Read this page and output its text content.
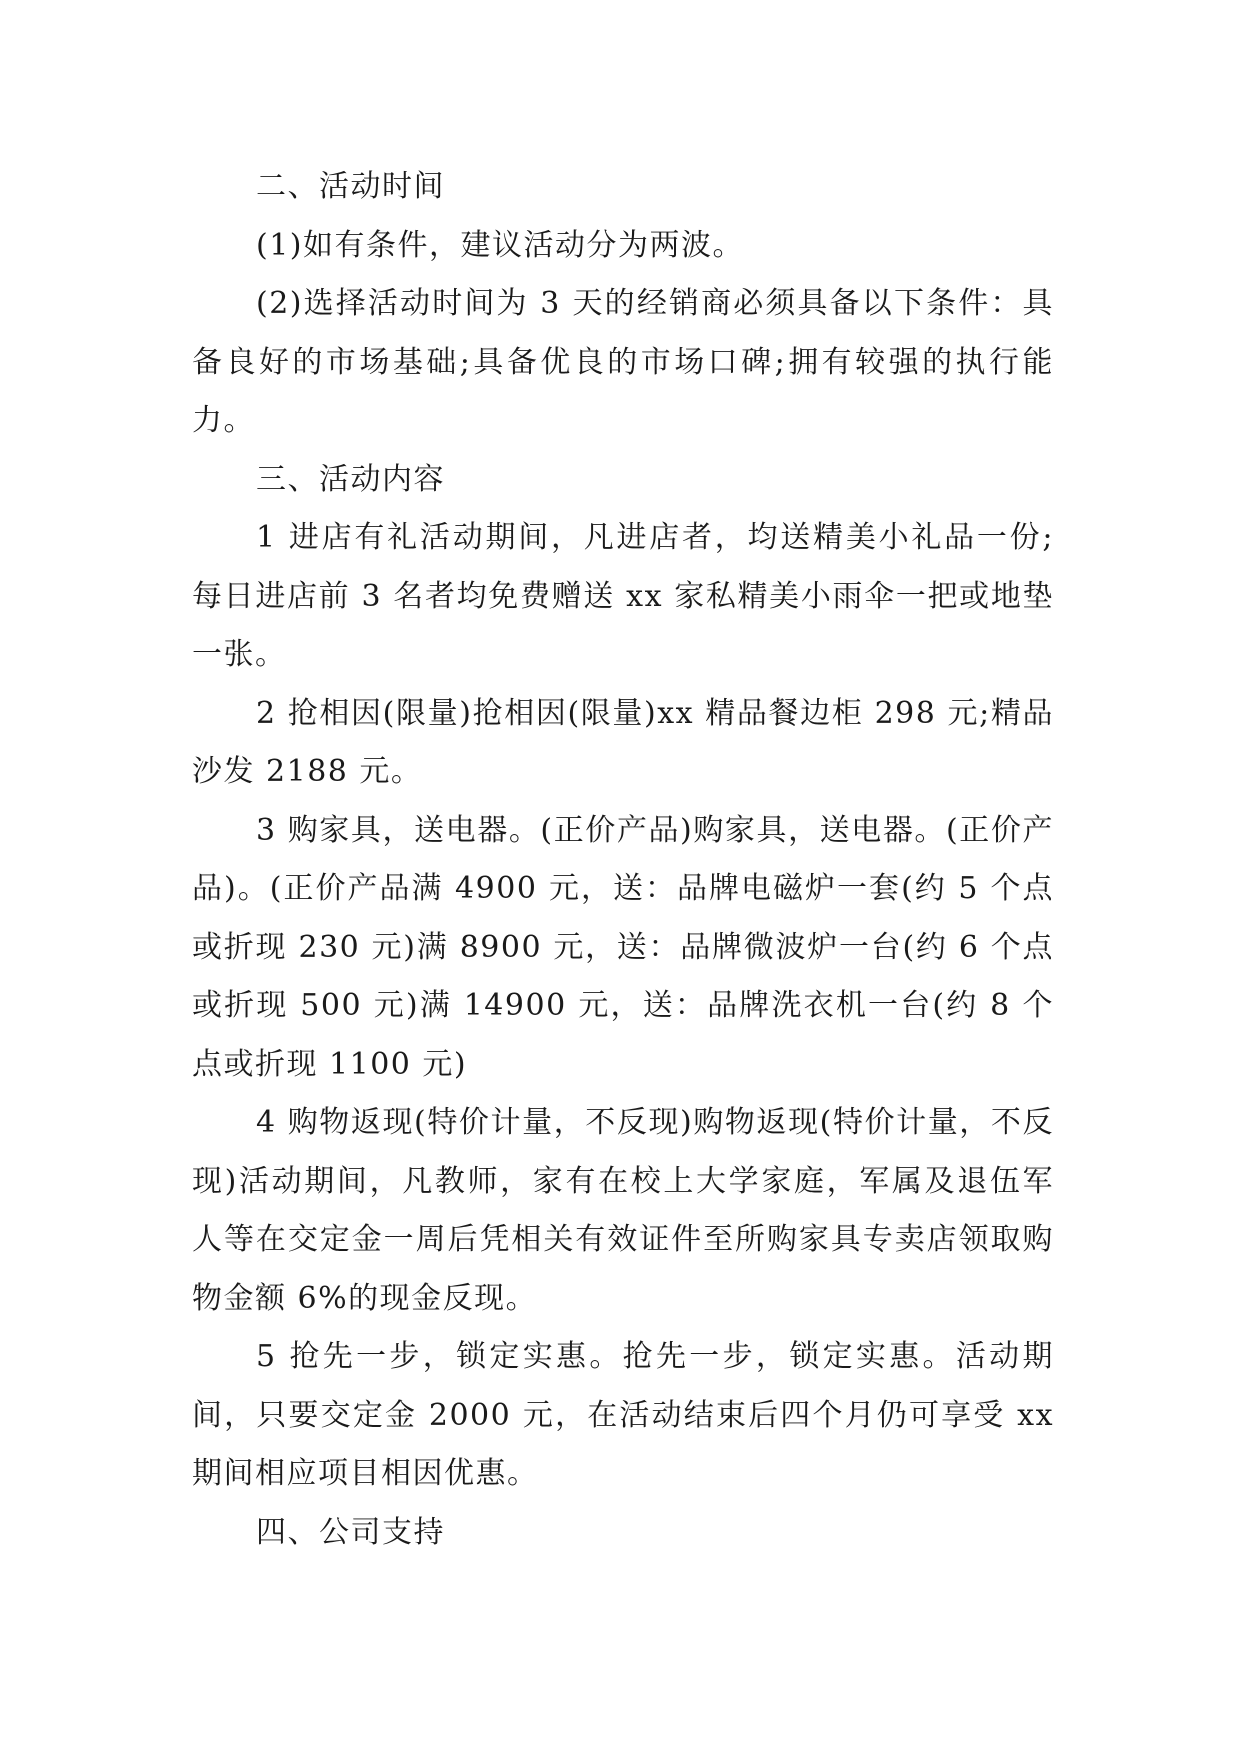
二、活动时间

(1)如有条件，建议活动分为两波。

(2)选择活动时间为 3 天的经销商必须具备以下条件：具备良好的市场基础;具备优良的市场口碑;拥有较强的执行能力。

三、活动内容

1 进店有礼活动期间，凡进店者，均送精美小礼品一份;每日进店前 3 名者均免费赠送 xx 家私精美小雨伞一把或地垫一张。

2 抢相因(限量)抢相因(限量)xx 精品餐边柜 298 元;精品沙发 2188 元。

3 购家具，送电器。(正价产品)购家具，送电器。(正价产品)。(正价产品满 4900 元，送：品牌电磁炉一套(约 5 个点或折现 230 元)满 8900 元，送：品牌微波炉一台(约 6 个点或折现 500 元)满 14900 元，送：品牌洗衣机一台(约 8 个点或折现 1100 元)

4 购物返现(特价计量，不反现)购物返现(特价计量，不反现)活动期间，凡教师，家有在校上大学家庭，军属及退伍军人等在交定金一周后凭相关有效证件至所购家具专卖店领取购物金额 6%的现金反现。

5 抢先一步，锁定实惠。抢先一步，锁定实惠。活动期间，只要交定金 2000 元，在活动结束后四个月仍可享受 xx 期间相应项目相因优惠。

四、公司支持
